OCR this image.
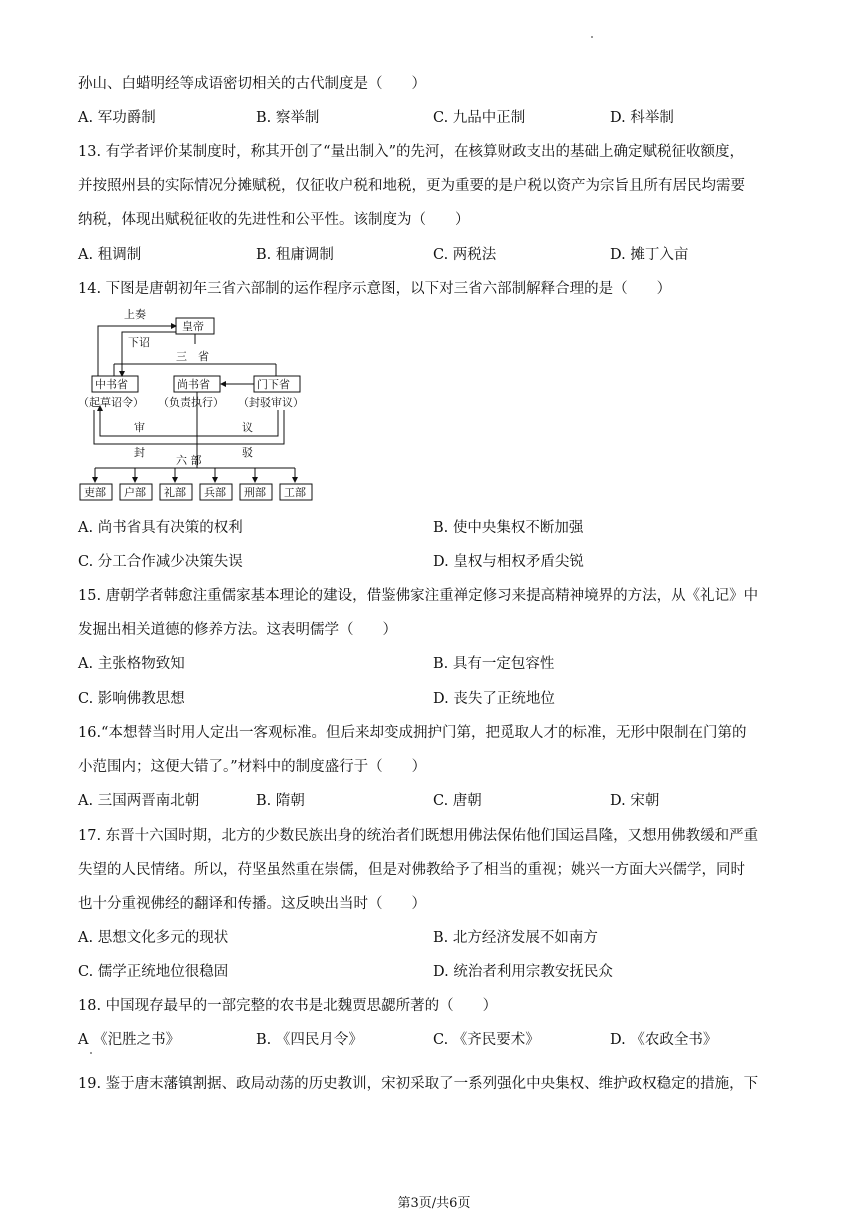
孙山、白蜡明经等成语密切相关的古代制度是（　　）
A. 军功爵制	B. 察举制	C. 九品中正制	D. 科举制
13. 有学者评价某制度时，称其开创了“量出制入”的先河，在核算财政支出的基础上确定赋税征收额度，
并按照州县的实际情况分摊赋税，仅征收户税和地税，更为重要的是户税以资产为宗旨且所有居民均需要
纳税，体现出赋税征收的先进性和公平性。该制度为（　　）
A. 租调制	B. 租庸调制	C. 两税法	D. 摊丁入亩
14. 下图是唐朝初年三省六部制的运作程序示意图，以下对三省六部制解释合理的是（　　）
皇帝
上奏
下诏
三　省
中书省	尚书省	门下省
（起草诏令） （负责执行） （封驳审议）
审	议
封	驳
六 部
吏部 户部 礼部 兵部 刑部 工部
A. 尚书省具有决策的权利	B. 使中央集权不断加强
C. 分工合作减少决策失误	D. 皇权与相权矛盾尖锐
15. 唐朝学者韩愈注重儒家基本理论的建设，借鉴佛家注重禅定修习来提高精神境界的方法，从《礼记》中
发掘出相关道德的修养方法。这表明儒学（　　）
A. 主张格物致知	B. 具有一定包容性
C. 影响佛教思想	D. 丧失了正统地位
16.“本想替当时用人定出一客观标准。但后来却变成拥护门第，把觅取人才的标准，无形中限制在门第的
小范围内；这便大错了。”材料中的制度盛行于（　　）
A. 三国两晋南北朝	B. 隋朝	C. 唐朝	D. 宋朝
17. 东晋十六国时期，北方的少数民族出身的统治者们既想用佛法保佑他们国运昌隆，又想用佛教缓和严重
失望的人民情绪。所以，苻坚虽然重在崇儒，但是对佛教给予了相当的重视；姚兴一方面大兴儒学，同时
也十分重视佛经的翻译和传播。这反映出当时（　　）
A. 思想文化多元的现状	B. 北方经济发展不如南方
C. 儒学正统地位很稳固	D. 统治者利用宗教安抚民众
18. 中国现存最早的一部完整的农书是北魏贾思勰所著的（　　）
A 《汜胜之书》	B. 《四民月令》	C. 《齐民要术》	D. 《农政全书》
19. 鉴于唐末藩镇割据、政局动荡的历史教训，宋初采取了一系列强化中央集权、维护政权稳定的措施，下
第3页/共6页
